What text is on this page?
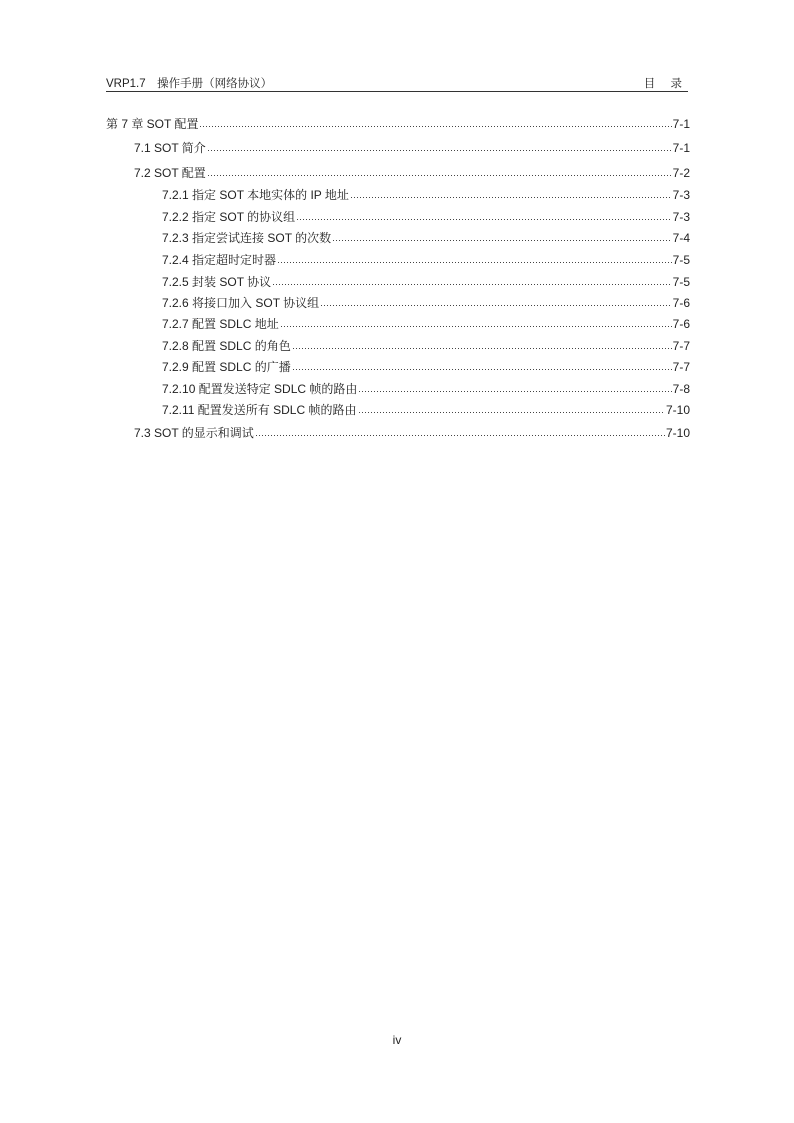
VRP1.7　操作手册（网络协议）	目 录
第 7 章 SOT 配置	7-1
7.1 SOT 简介	7-1
7.2 SOT 配置	7-2
7.2.1 指定 SOT 本地实体的 IP 地址	7-3
7.2.2 指定 SOT 的协议组	7-3
7.2.3 指定尝试连接 SOT 的次数	7-4
7.2.4 指定超时定时器	7-5
7.2.5 封装 SOT 协议	7-5
7.2.6 将接口加入 SOT 协议组	7-6
7.2.7 配置 SDLC 地址	7-6
7.2.8 配置 SDLC 的角色	7-7
7.2.9 配置 SDLC 的广播	7-7
7.2.10 配置发送特定 SDLC 帧的路由	7-8
7.2.11 配置发送所有 SDLC 帧的路由	7-10
7.3 SOT 的显示和调试	7-10
iv
